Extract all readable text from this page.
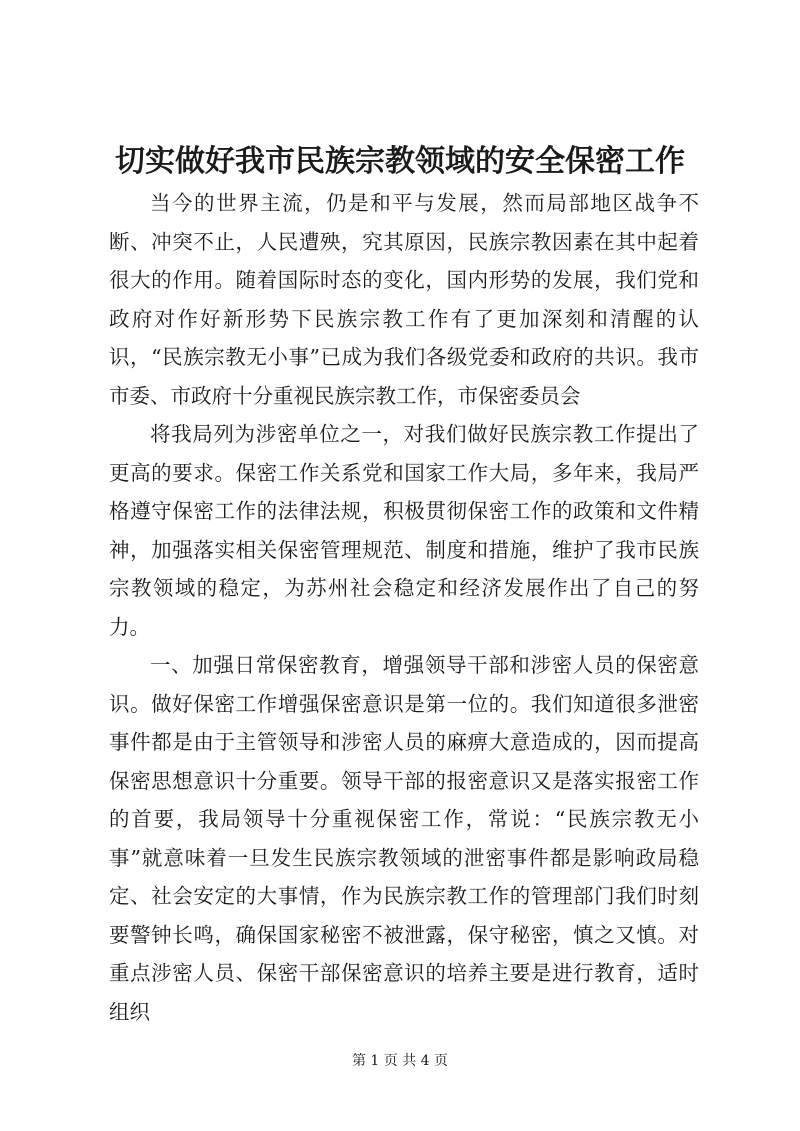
切实做好我市民族宗教领域的安全保密工作

当今的世界主流，仍是和平与发展，然而局部地区战争不断、冲突不止，人民遭殃，究其原因，民族宗教因素在其中起着很大的作用。随着国际时态的变化，国内形势的发展，我们党和政府对作好新形势下民族宗教工作有了更加深刻和清醒的认识，“民族宗教无小事”已成为我们各级党委和政府的共识。我市市委、市政府十分重视民族宗教工作，市保密委员会

将我局列为涉密单位之一，对我们做好民族宗教工作提出了更高的要求。保密工作关系党和国家工作大局，多年来，我局严格遵守保密工作的法律法规，积极贯彻保密工作的政策和文件精神，加强落实相关保密管理规范、制度和措施，维护了我市民族宗教领域的稳定，为苏州社会稳定和经济发展作出了自己的努力。

一、加强日常保密教育，增强领导干部和涉密人员的保密意识。做好保密工作增强保密意识是第一位的。我们知道很多泄密事件都是由于主管领导和涉密人员的麻痹大意造成的，因而提高保密思想意识十分重要。领导干部的报密意识又是落实报密工作的首要，我局领导十分重视保密工作，常说：“民族宗教无小事”就意味着一旦发生民族宗教领域的泄密事件都是影响政局稳定、社会安定的大事情，作为民族宗教工作的管理部门我们时刻要警钟长鸣，确保国家秘密不被泄露，保守秘密，慎之又慎。对重点涉密人员、保密干部保密意识的培养主要是进行教育，适时组织

第 1 页 共 4 页
